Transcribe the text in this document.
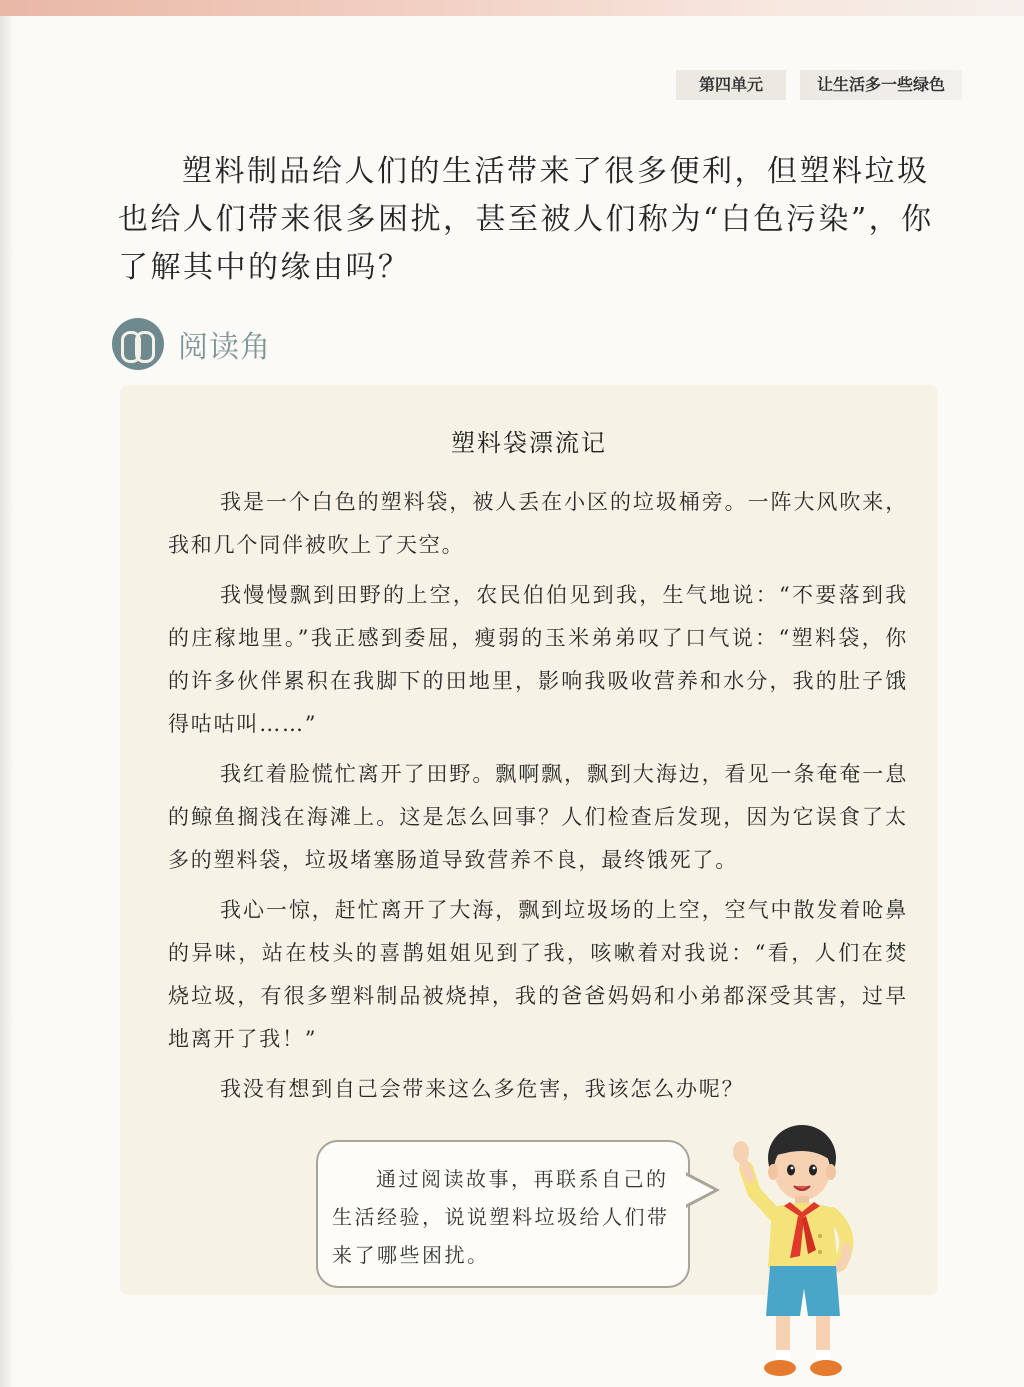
第四单元	让生活多一些绿色

塑料制品给人们的生活带来了很多便利，但塑料垃圾也给人们带来很多困扰，甚至被人们称为“白色污染”，你了解其中的缘由吗？

阅读角
塑料袋漂流记

我是一个白色的塑料袋，被人丢在小区的垃圾桶旁。一阵大风吹来，我和几个同伴被吹上了天空。

我慢慢飘到田野的上空，农民伯伯见到我，生气地说：“不要落到我的庄稼地里。”我正感到委屈，瘦弱的玉米弟弟叹了口气说：“塑料袋，你的许多伙伴累积在我脚下的田地里，影响我吸收营养和水分，我的肚子饿得咕咕叫……”

我红着脸慌忙离开了田野。飘啊飘，飘到大海边，看见一条奄奄一息的鲸鱼搁浅在海滩上。这是怎么回事？人们检查后发现，因为它误食了太多的塑料袋，垃圾堵塞肠道导致营养不良，最终饿死了。

我心一惊，赶忙离开了大海，飘到垃圾场的上空，空气中散发着呛鼻的异味，站在枝头的喜鹊姐姐见到了我，咳嗽着对我说：“看，人们在焚烧垃圾，有很多塑料制品被烧掉，我的爸爸妈妈和小弟都深受其害，过早地离开了我！”

我没有想到自己会带来这么多危害，我该怎么办呢？

通过阅读故事，再联系自己的生活经验，说说塑料垃圾给人们带来了哪些困扰。
